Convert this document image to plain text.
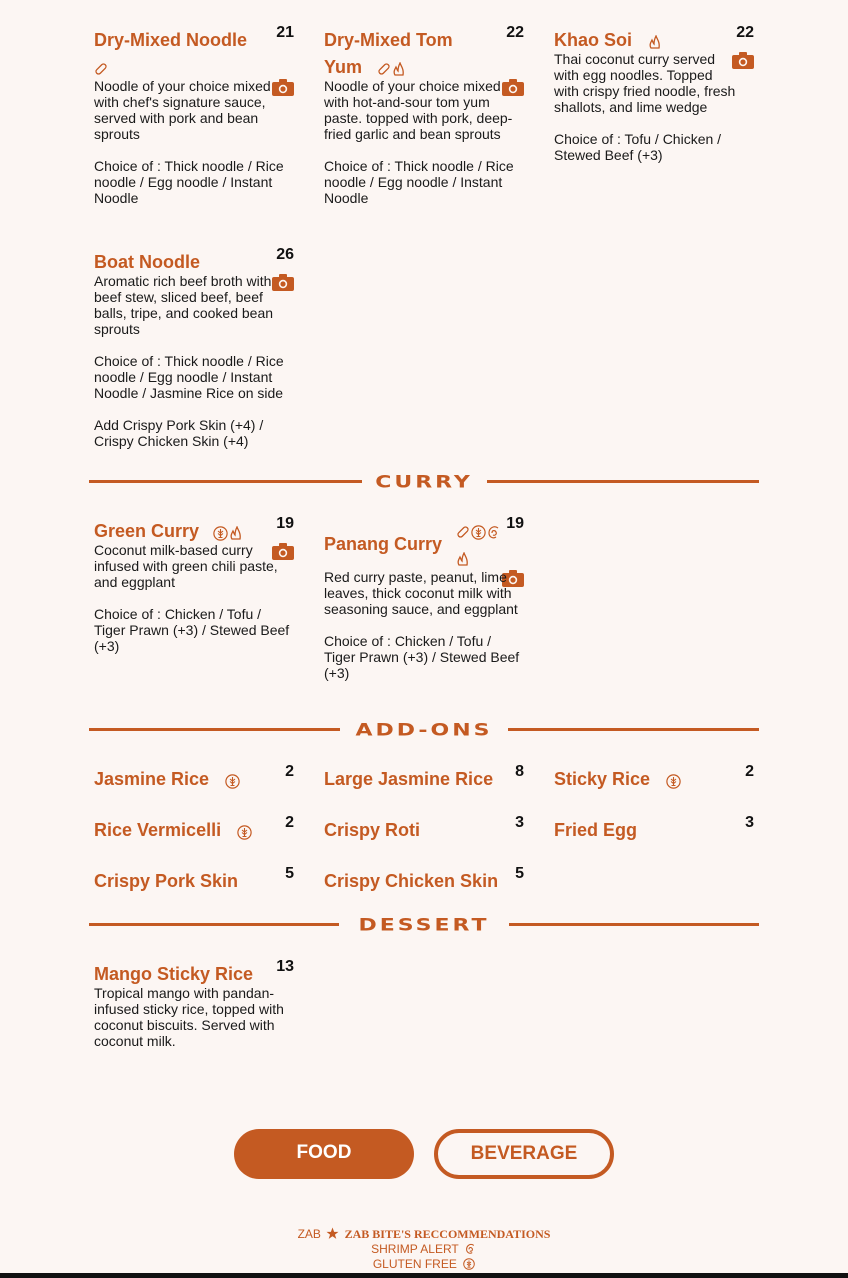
Dry-Mixed Noodle	21

Noodle of your choice mixed with chef's signature sauce, served with pork and bean sprouts

Choice of : Thick noodle / Rice noodle / Egg noodle / Instant Noodle

Dry-Mixed Tom
Yum
22

Noodle of your choice mixed with hot-and-sour tom yum paste. topped with pork, deep-fried garlic and bean sprouts

Choice of : Thick noodle / Rice noodle / Egg noodle / Instant Noodle

Khao Soi	22

Thai coconut curry served with egg noodles. Topped with crispy fried noodle, fresh shallots, and lime wedge

Choice of : Tofu / Chicken / Stewed Beef (+3)

Boat Noodle	26

Aromatic rich beef broth with beef stew, sliced beef, beef balls, tripe, and cooked bean sprouts

Choice of : Thick noodle / Rice noodle / Egg noodle / Instant Noodle / Jasmine Rice on side

Add Crispy Pork Skin (+4) / Crispy Chicken Skin (+4)

CURRY
Green Curry	19

Coconut milk-based curry infused with green chili paste, and eggplant

Choice of : Chicken / Tofu / Tiger Prawn (+3) / Stewed Beef (+3)

Panang Curry

19

Red curry paste, peanut, lime leaves, thick coconut milk with seasoning sauce, and eggplant

Choice of : Chicken / Tofu / Tiger Prawn (+3) / Stewed Beef (+3)

ADD-ONS
Jasmine Rice	2 Large Jasmine Rice	8 Sticky Rice	2
Rice Vermicelli	2 Crispy Roti	3 Fried Egg	3
Crispy Pork Skin	5 Crispy Chicken Skin	5
DESSERT
Mango Sticky Rice	13

Tropical mango with pandan-infused sticky rice, topped with coconut biscuits. Served with coconut milk.

FOOD	BEVERAGE
ZAB ZAB BITE'S RECCOMMENDATIONS
SHRIMP ALERT
GLUTEN FREE
